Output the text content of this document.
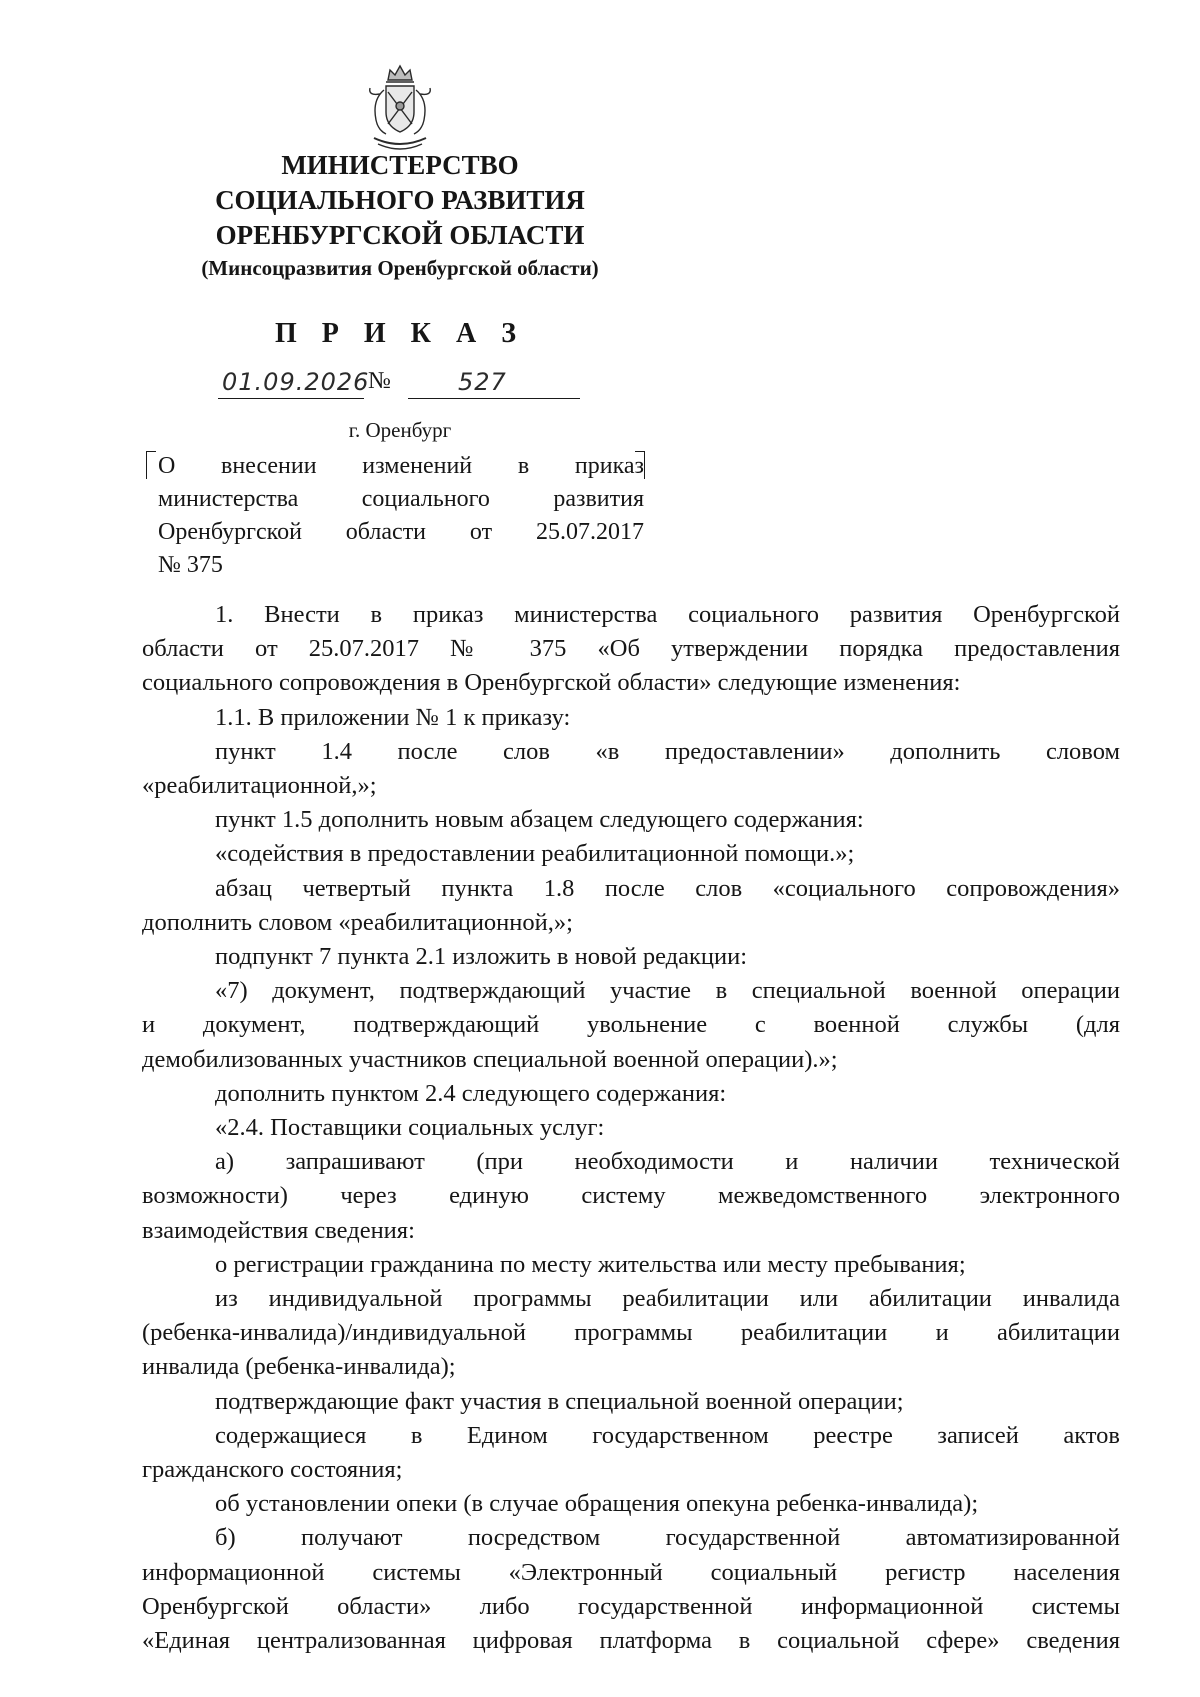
МИНИСТЕРСТВО
СОЦИАЛЬНОГО РАЗВИТИЯ
ОРЕНБУРГСКОЙ ОБЛАСТИ
(Минсоцразвития Оренбургской области)
П Р И К А З
01.09.2026
№	527
г. Оренбург
О внесении изменений в приказ
министерства социального развития
Оренбургской области от 25.07.2017
№ 375
1. Внести в приказ министерства социального развития Оренбургской
области от 25.07.2017 № 375 «Об утверждении порядка предоставления
социального сопровождения в Оренбургской области» следующие изменения:
1.1. В приложении № 1 к приказу:
пункт 1.4 после слов «в предоставлении» дополнить словом
«реабилитационной,»;
пункт 1.5 дополнить новым абзацем следующего содержания:
«содействия в предоставлении реабилитационной помощи.»;
абзац четвертый пункта 1.8 после слов «социального сопровождения»
дополнить словом «реабилитационной,»;
подпункт 7 пункта 2.1 изложить в новой редакции:
«7) документ, подтверждающий участие в специальной военной операции
и документ, подтверждающий увольнение с военной службы (для
демобилизованных участников специальной военной операции).»;
дополнить пунктом 2.4 следующего содержания:
«2.4. Поставщики социальных услуг:
а) запрашивают (при необходимости и наличии технической
возможности) через единую систему межведомственного электронного
взаимодействия сведения:
о регистрации гражданина по месту жительства или месту пребывания;
из индивидуальной программы реабилитации или абилитации инвалида
(ребенка-инвалида)/индивидуальной программы реабилитации и абилитации
инвалида (ребенка-инвалида);
подтверждающие факт участия в специальной военной операции;
содержащиеся в Едином государственном реестре записей актов
гражданского состояния;
об установлении опеки (в случае обращения опекуна ребенка-инвалида);
б) получают посредством государственной автоматизированной
информационной системы «Электронный социальный регистр населения
Оренбургской области» либо государственной информационной системы
«Единая централизованная цифровая платформа в социальной сфере» сведения
